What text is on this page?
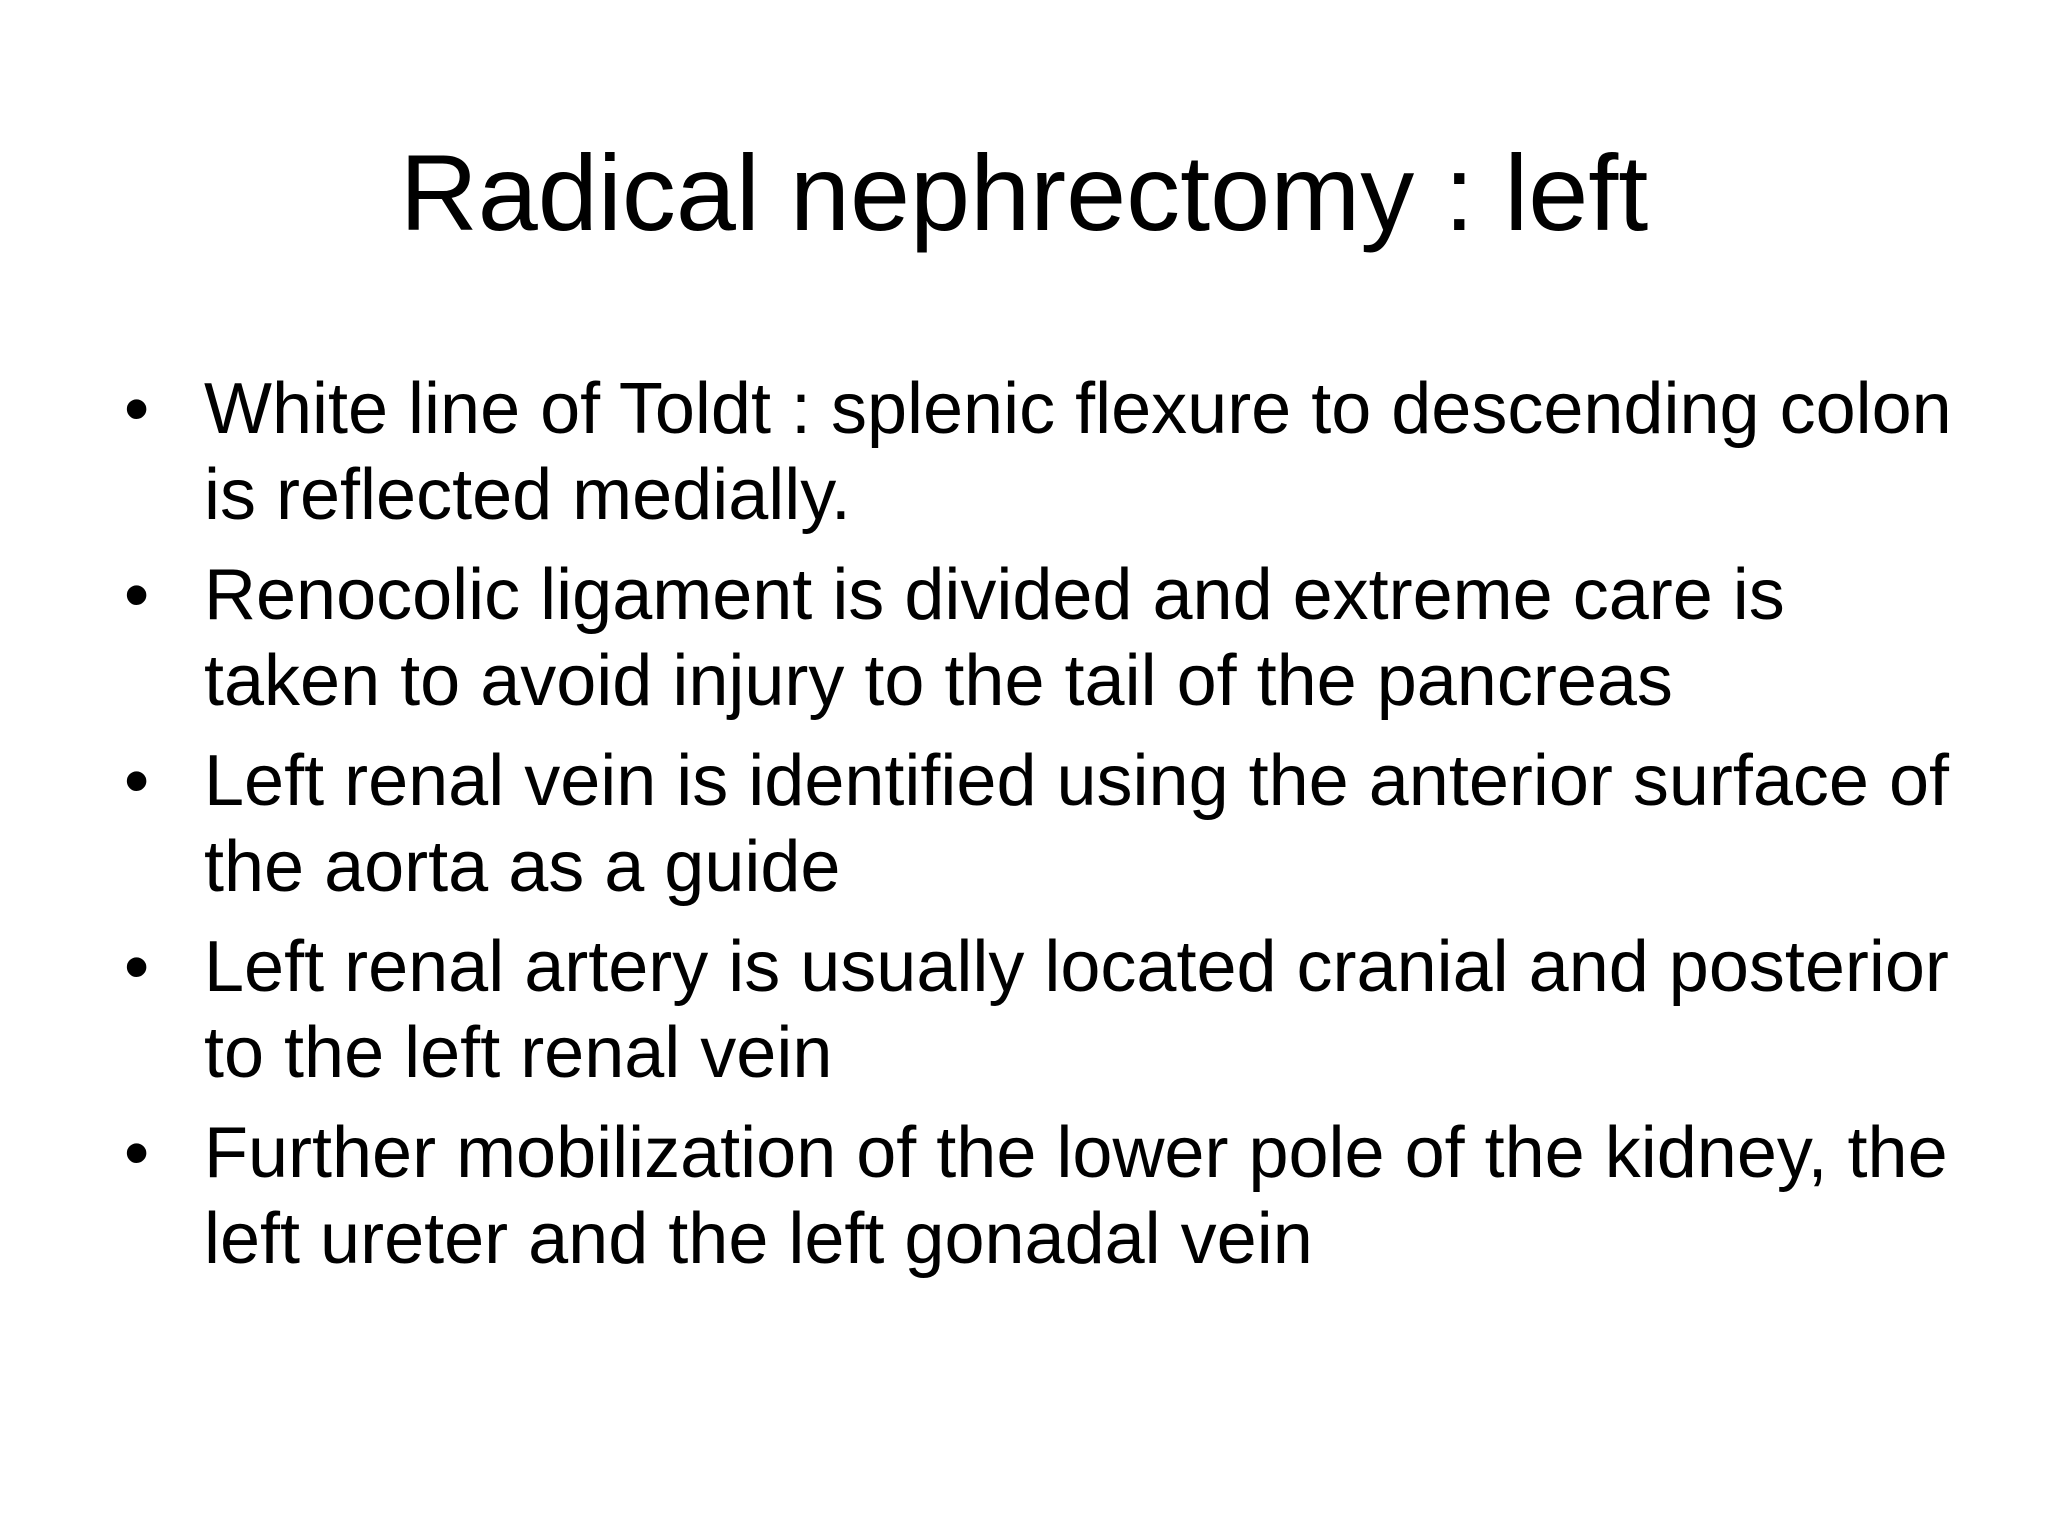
Radical nephrectomy : left
• White line of Toldt : splenic flexure to descending colon is reflected medially.
• Renocolic ligament is divided and extreme care is taken to avoid injury to the tail of the pancreas
• Left renal vein is identified using the anterior surface of the aorta as a guide
• Left renal artery is usually located cranial and posterior to the left renal vein
• Further mobilization of the lower pole of the kidney, the left ureter and the left gonadal vein
